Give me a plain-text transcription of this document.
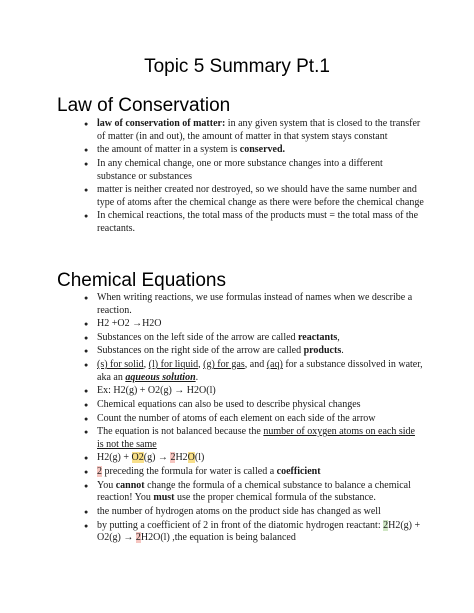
Topic 5 Summary Pt.1
Law of Conservation
● law of conservation of matter: in any given system that is closed to the transfer of matter (in and out), the amount of matter in that system stays constant
● the amount of matter in a system is conserved.
● In any chemical change, one or more substance changes into a different substance or substances
● matter is neither created nor destroyed, so we should have the same number and type of atoms after the chemical change as there were before the chemical change
● In chemical reactions, the total mass of the products must = the total mass of the reactants.
Chemical Equations
● When writing reactions, we use formulas instead of names when we describe a reaction.
● H2 +O2 →H2O
● Substances on the left side of the arrow are called reactants,
● Substances on the right side of the arrow are called products.
● (s) for solid, (l) for liquid, (g) for gas, and (aq) for a substance dissolved in water, aka an aqueous solution.
● Ex: H2(g) + O2(g) → H2O(l)
● Chemical equations can also be used to describe physical changes
● Count the number of atoms of each element on each side of the arrow
● The equation is not balanced because the number of oxygen atoms on each side is not the same
● H2(g) + O2(g) → 2H2O(l)
● 2 preceding the formula for water is called a coefficient
● You cannot change the formula of a chemical substance to balance a chemical reaction! You must use the proper chemical formula of the substance.
● the number of hydrogen atoms on the product side has changed as well
● by putting a coefficient of 2 in front of the diatomic hydrogen reactant: 2H2(g) + O2(g) → 2H2O(l) ,the equation is being balanced
